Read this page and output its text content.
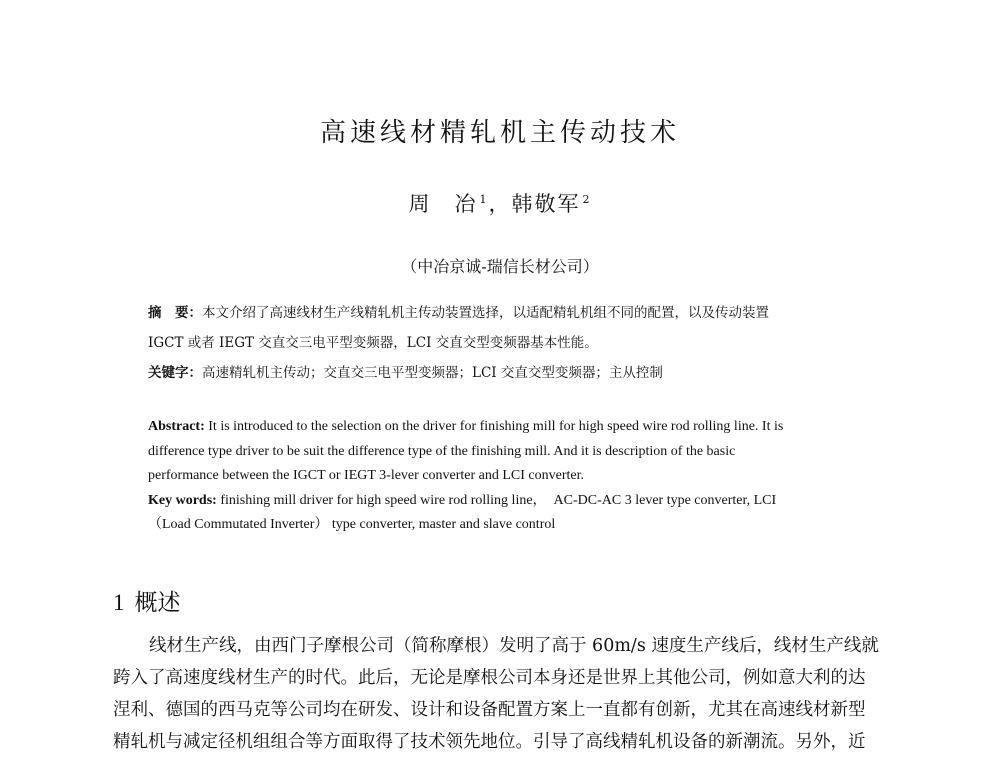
高速线材精轧机主传动技术
周　冶 $^1$，韩敬军 $^2$
（中冶京诚-瑞信长材公司）
摘　要：本文介绍了高速线材生产线精轧机主传动装置选择，以适配精轧机组不同的配置，以及传动装置
IGCT 或者 IEGT 交直交三电平型变频器，LCI 交直交型变频器基本性能。
关键字：高速精轧机主传动；交直交三电平型变频器；LCI 交直交型变频器；主从控制
Abstract: It is introduced to the selection on the driver for finishing mill for high speed wire rod rolling line. It is
difference type driver to be suit the difference type of the finishing mill. And it is description of the basic
performance between the IGCT or IEGT 3-lever converter and LCI converter.
Key words: finishing mill driver for high speed wire rod rolling line，　AC-DC-AC 3 lever type converter, LCI
（Load Commutated Inverter） type converter, master and slave control
1 概述
线材生产线，由西门子摩根公司（简称摩根）发明了高于 60m/s 速度生产线后，线材生产线就
跨入了高速度线材生产的时代。此后，无论是摩根公司本身还是世界上其他公司，例如意大利的达
涅利、德国的西马克等公司均在研发、设计和设备配置方案上一直都有创新，尤其在高速线材新型
精轧机与减定径机组组合等方面取得了技术领先地位。引导了高线精轧机设备的新潮流。另外，近
